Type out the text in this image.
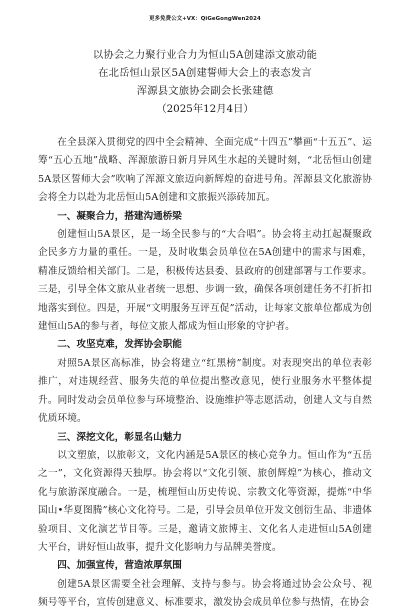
更多免费公文+VX：QiGeGongWen2024
以协会之力聚行业合力为恒山5A创建添文旅动能
在北岳恒山景区5A创建誓师大会上的表态发言
浑源县文旅协会副会长张建德
（2025年12月4日）

在全县深入贯彻党的四中全会精神、全面完成“十四五”攀画“十五五”、运筹“五心五地”战略、浑源旅游日新月异风生水起的关键时刻，“北岳恒山创建5A景区誓师大会”吹响了浑源文旅迈向新辉煌的奋进号角。浑源县文化旅游协会将全力以赴为北岳恒山5A创建和文旅振兴添砖加瓦。

一、凝聚合力，搭建沟通桥梁

创建恒山5A景区，是一场全民参与的“大合唱”。协会将主动扛起凝聚政企民多方力量的重任。一是，及时收集会员单位在5A创建中的需求与困难，精准反馈给相关部门。二是，积极传达县委、县政府的创建部署与工作要求。三是，引导全体文旅从业者统一思想、步调一致，确保各项创建任务不打折扣地落实到位。四是，开展“文明服务互评互促”活动，让每家文旅单位都成为创建恒山5A的参与者，每位文旅人都成为恒山形象的守护者。

二、攻坚克难，发挥协会职能

对照5A景区高标准，协会将建立“红黑榜”制度。对表现突出的单位表彰推广，对违规经营、服务失范的单位提出整改意见，使行业服务水平整体提升。同时发动会员单位参与环境整治、设施维护等志愿活动，创建人文与自然优质环境。

三、深挖文化，彰显名山魅力

以文塑旅，以旅彰文，文化内涵是5A景区的核心竞争力。恒山作为“五岳之一”，文化资源得天独厚。协会将以“文化引领、旅创辉煌”为核心，推动文化与旅游深度融合。一是，梳理恒山历史传说、宗教文化等资源，提炼“中华国山•华夏图腾”核心文化符号。二是，引导会员单位开发文创衍生品、非遗体验项目、文化演艺节目等。三是，邀请文旅博主、文化名人走进恒山5A创建大平台，讲好恒山故事，提升文化影响力与品牌美誉度。

四、加强宣传，营造浓厚氛围

创建5A景区需要全社会理解、支持与参与。协会将通过协会公众号、视频号等平台，宣传创建意义、标准要求，激发协会成员单位参与热情，在协会
